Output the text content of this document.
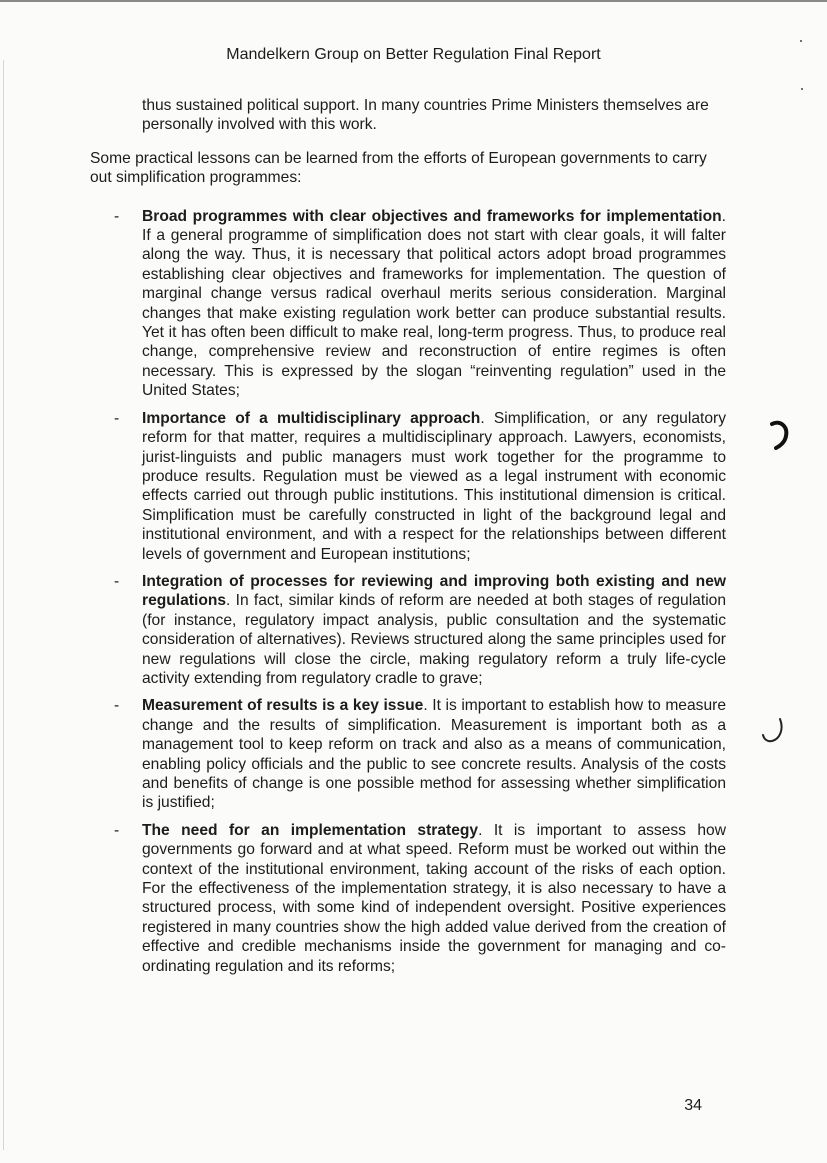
Mandelkern Group on Better Regulation Final Report

thus sustained political support. In many countries Prime Ministers themselves are personally involved with this work.

Some practical lessons can be learned from the efforts of European governments to carry out simplification programmes:

- Broad programmes with clear objectives and frameworks for implementation. If a general programme of simplification does not start with clear goals, it will falter along the way. Thus, it is necessary that political actors adopt broad programmes establishing clear objectives and frameworks for implementation. The question of marginal change versus radical overhaul merits serious consideration. Marginal changes that make existing regulation work better can produce substantial results. Yet it has often been difficult to make real, long-term progress. Thus, to produce real change, comprehensive review and reconstruction of entire regimes is often necessary. This is expressed by the slogan “reinventing regulation” used in the United States;
- Importance of a multidisciplinary approach. Simplification, or any regulatory reform for that matter, requires a multidisciplinary approach. Lawyers, economists, jurist-linguists and public managers must work together for the programme to produce results. Regulation must be viewed as a legal instrument with economic effects carried out through public institutions. This institutional dimension is critical. Simplification must be carefully constructed in light of the background legal and institutional environment, and with a respect for the relationships between different levels of government and European institutions;
- Integration of processes for reviewing and improving both existing and new regulations. In fact, similar kinds of reform are needed at both stages of regulation (for instance, regulatory impact analysis, public consultation and the systematic consideration of alternatives). Reviews structured along the same principles used for new regulations will close the circle, making regulatory reform a truly life-cycle activity extending from regulatory cradle to grave;
- Measurement of results is a key issue. It is important to establish how to measure change and the results of simplification. Measurement is important both as a management tool to keep reform on track and also as a means of communication, enabling policy officials and the public to see concrete results. Analysis of the costs and benefits of change is one possible method for assessing whether simplification is justified;
- The need for an implementation strategy. It is important to assess how governments go forward and at what speed. Reform must be worked out within the context of the institutional environment, taking account of the risks of each option. For the effectiveness of the implementation strategy, it is also necessary to have a structured process, with some kind of independent oversight. Positive experiences registered in many countries show the high added value derived from the creation of effective and credible mechanisms inside the government for managing and co-ordinating regulation and its reforms;
34
